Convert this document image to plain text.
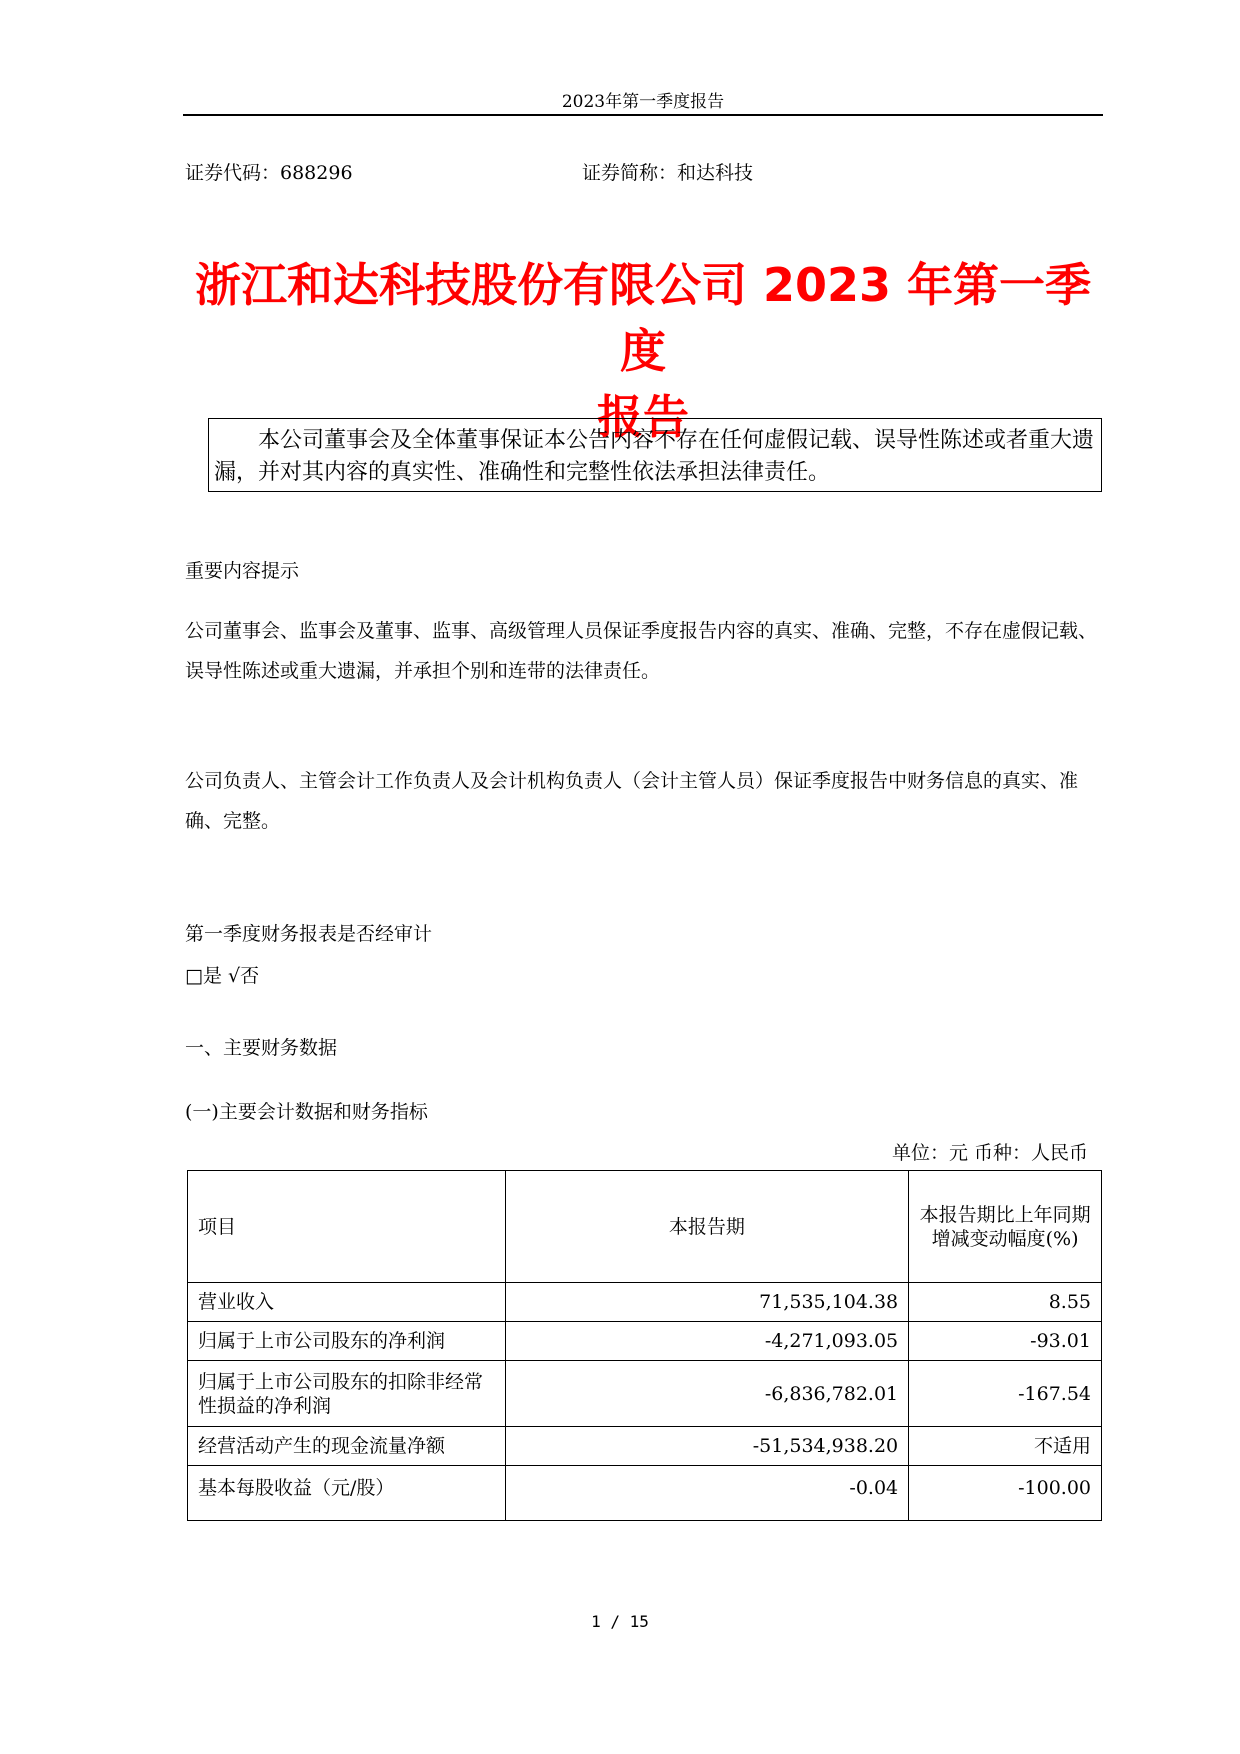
2023年第一季度报告
证券代码：688296	证券简称：和达科技
浙江和达科技股份有限公司 2023 年第一季度
报告
本公司董事会及全体董事保证本公告内容不存在任何虚假记载、误导性陈述或者重大遗漏，并对其内容的真实性、准确性和完整性依法承担法律责任。
重要内容提示
公司董事会、监事会及董事、监事、高级管理人员保证季度报告内容的真实、准确、完整，不存在虚假记载、误导性陈述或重大遗漏，并承担个别和连带的法律责任。
公司负责人、主管会计工作负责人及会计机构负责人（会计主管人员）保证季度报告中财务信息的真实、准确、完整。
第一季度财务报表是否经审计
□是 √否
一、主要财务数据
(一)主要会计数据和财务指标
单位：元 币种：人民币
项目	本报告期	本报告期比上年同期增减变动幅度(%)
营业收入	71,535,104.38	8.55
归属于上市公司股东的净利润	-4,271,093.05	-93.01
归属于上市公司股东的扣除非经常性损益的净利润	-6,836,782.01	-167.54
经营活动产生的现金流量净额	-51,534,938.20	不适用
基本每股收益（元/股）	-0.04	-100.00
1 / 15
